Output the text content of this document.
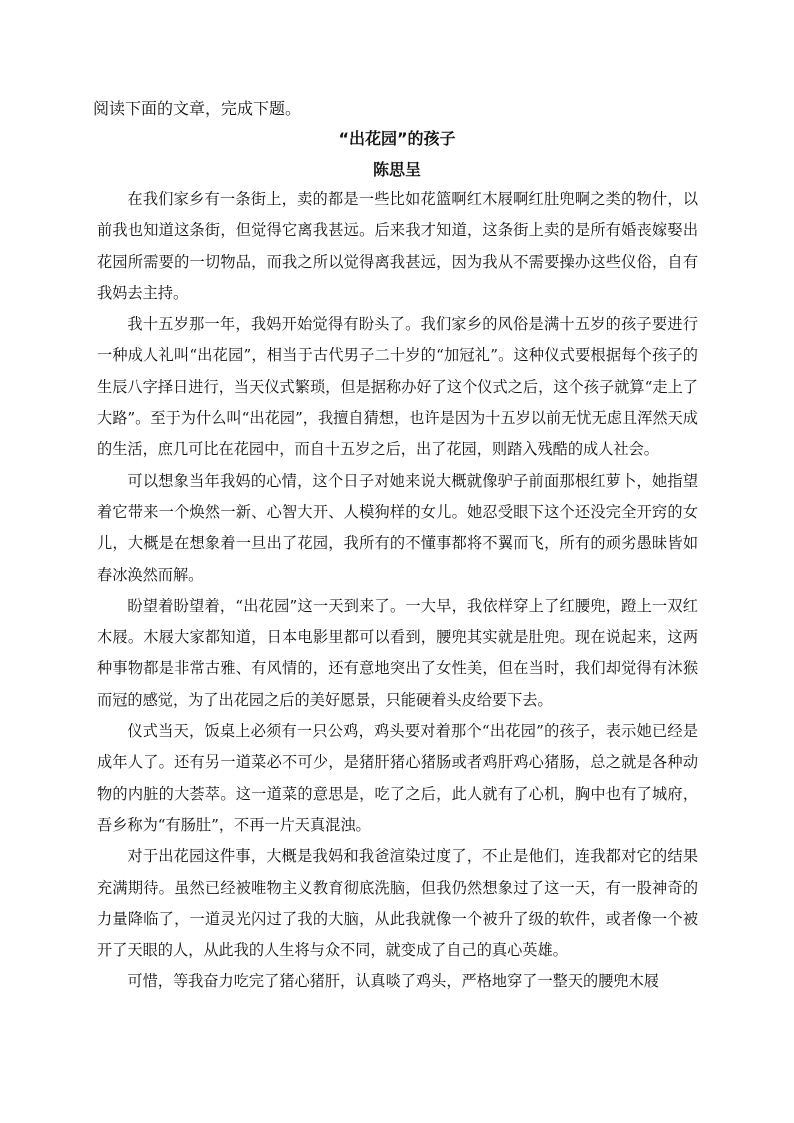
阅读下面的文章，完成下题。
“出花园”的孩子
陈思呈

在我们家乡有一条街上，卖的都是一些比如花篮啊红木屐啊红肚兜啊之类的物什，以前我也知道这条街，但觉得它离我甚远。后来我才知道，这条街上卖的是所有婚丧嫁娶出花园所需要的一切物品，而我之所以觉得离我甚远，因为我从不需要操办这些仪俗，自有我妈去主持。

我十五岁那一年，我妈开始觉得有盼头了。我们家乡的风俗是满十五岁的孩子要进行一种成人礼叫“出花园”，相当于古代男子二十岁的“加冠礼”。这种仪式要根据每个孩子的生辰八字择日进行，当天仪式繁琐，但是据称办好了这个仪式之后，这个孩子就算“走上了大路”。至于为什么叫“出花园”，我擅自猜想，也许是因为十五岁以前无忧无虑且浑然天成的生活，庶几可比在花园中，而自十五岁之后，出了花园，则踏入残酷的成人社会。

可以想象当年我妈的心情，这个日子对她来说大概就像驴子前面那根红萝卜，她指望着它带来一个焕然一新、心智大开、人模狗样的女儿。她忍受眼下这个还没完全开窍的女儿，大概是在想象着一旦出了花园，我所有的不懂事都将不翼而飞，所有的顽劣愚昧皆如春冰涣然而解。

盼望着盼望着，“出花园”这一天到来了。一大早，我依样穿上了红腰兜，蹬上一双红木屐。木屐大家都知道，日本电影里都可以看到，腰兜其实就是肚兜。现在说起来，这两种事物都是非常古雅、有风情的，还有意地突出了女性美，但在当时，我们却觉得有沐猴而冠的感觉，为了出花园之后的美好愿景，只能硬着头皮给要下去。

仪式当天，饭桌上必须有一只公鸡，鸡头要对着那个“出花园”的孩子，表示她已经是成年人了。还有另一道菜必不可少，是猪肝猪心猪肠或者鸡肝鸡心猪肠，总之就是各种动物的内脏的大荟萃。这一道菜的意思是，吃了之后，此人就有了心机，胸中也有了城府，吾乡称为“有肠肚”，不再一片天真混浊。

对于出花园这件事，大概是我妈和我爸渲染过度了，不止是他们，连我都对它的结果充满期待。虽然已经被唯物主义教育彻底洗脑，但我仍然想象过了这一天，有一股神奇的力量降临了，一道灵光闪过了我的大脑，从此我就像一个被升了级的软件，或者像一个被开了天眼的人，从此我的人生将与众不同，就变成了自己的真心英雄。

可惜，等我奋力吃完了猪心猪肝，认真啖了鸡头，严格地穿了一整天的腰兜木屐
